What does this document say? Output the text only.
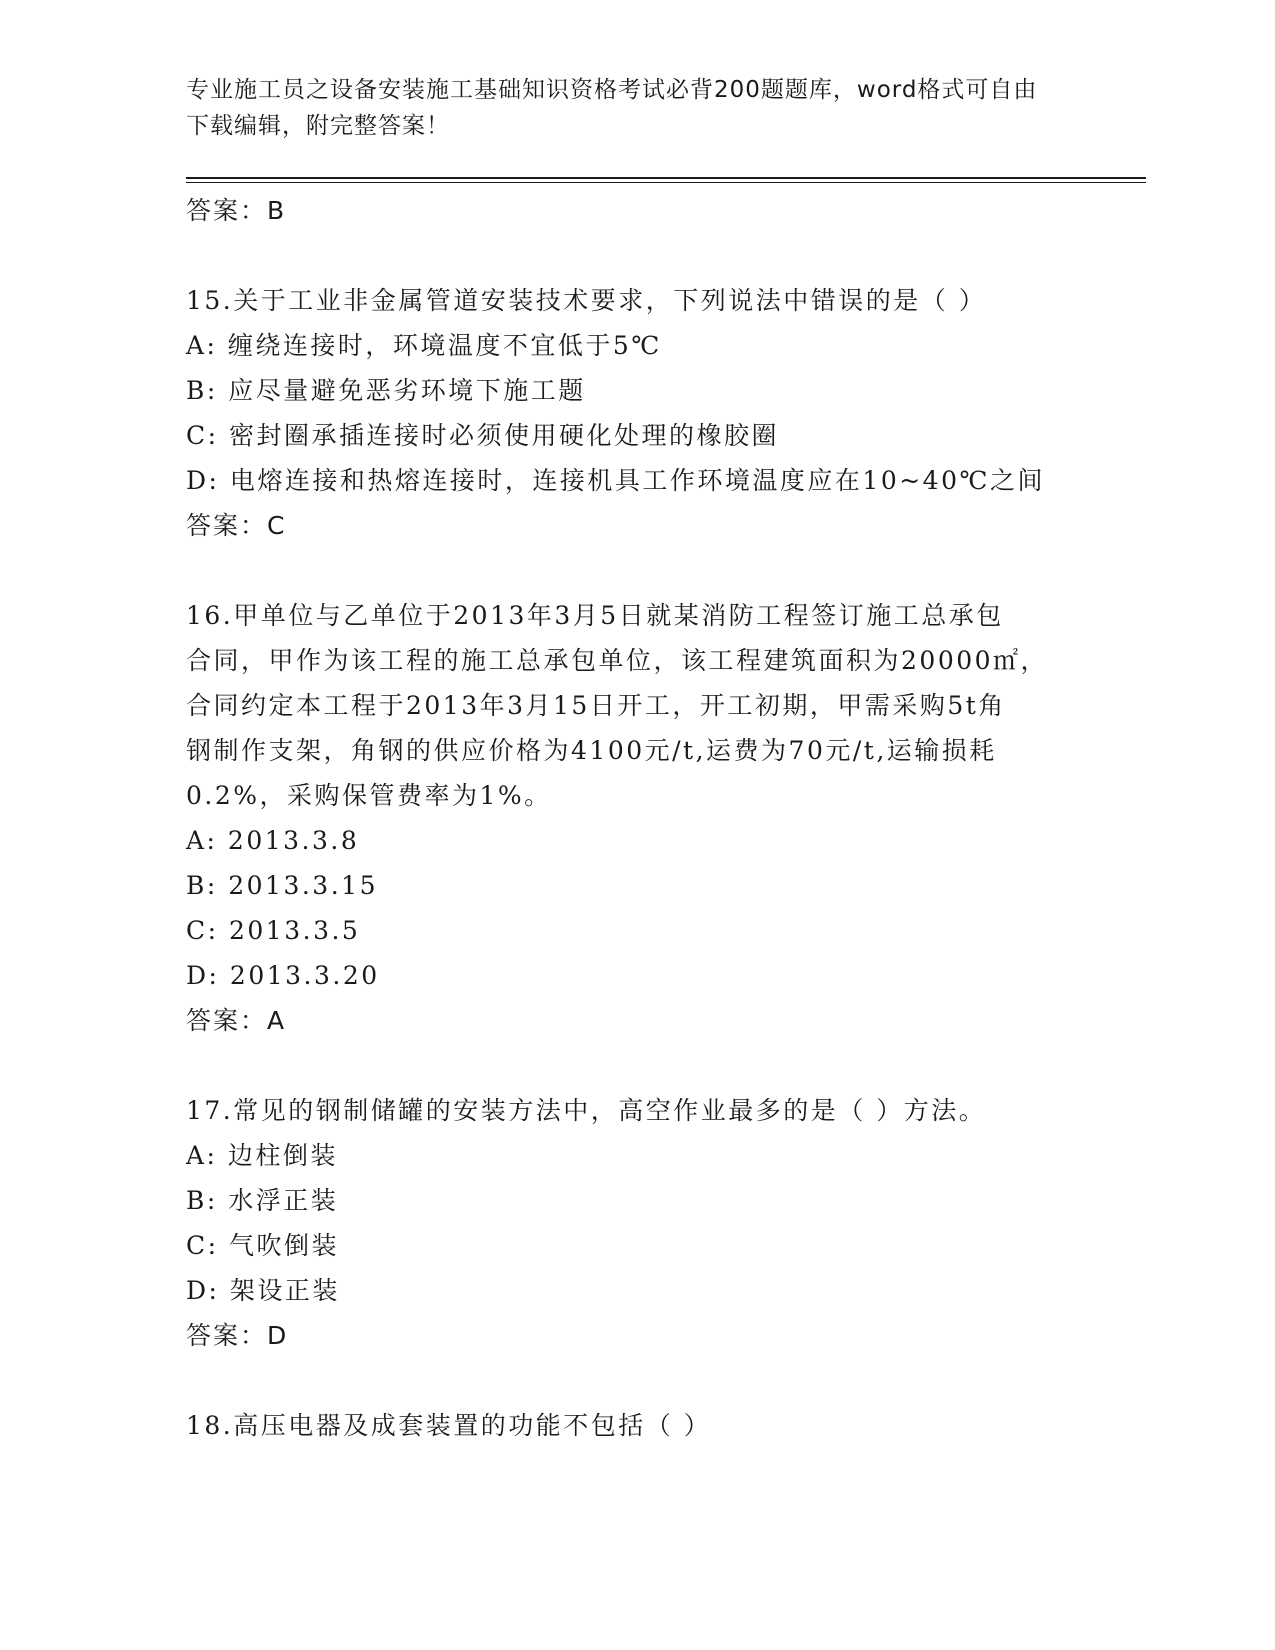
专业施工员之设备安装施工基础知识资格考试必背200题题库，word格式可自由
下载编辑，附完整答案！
答案：B
15.关于工业非金属管道安装技术要求，下列说法中错误的是（ ）
A: 缠绕连接时，环境温度不宜低于5℃
B: 应尽量避免恶劣环境下施工题
C: 密封圈承插连接时必须使用硬化处理的橡胶圈
D: 电熔连接和热熔连接时，连接机具工作环境温度应在10~40℃之间
答案：C
16.甲单位与乙单位于2013年3月5日就某消防工程签订施工总承包
合同，甲作为该工程的施工总承包单位，该工程建筑面积为20000㎡，
合同约定本工程于2013年3月15日开工，开工初期，甲需采购5t角
钢制作支架，角钢的供应价格为4100元/t,运费为70元/t,运输损耗
0.2%，采购保管费率为1%。
A: 2013.3.8
B: 2013.3.15
C: 2013.3.5
D: 2013.3.20
答案：A
17.常见的钢制储罐的安装方法中，高空作业最多的是（ ）方法。
A: 边柱倒装
B: 水浮正装
C: 气吹倒装
D: 架设正装
答案：D
18.高压电器及成套装置的功能不包括（ ）
